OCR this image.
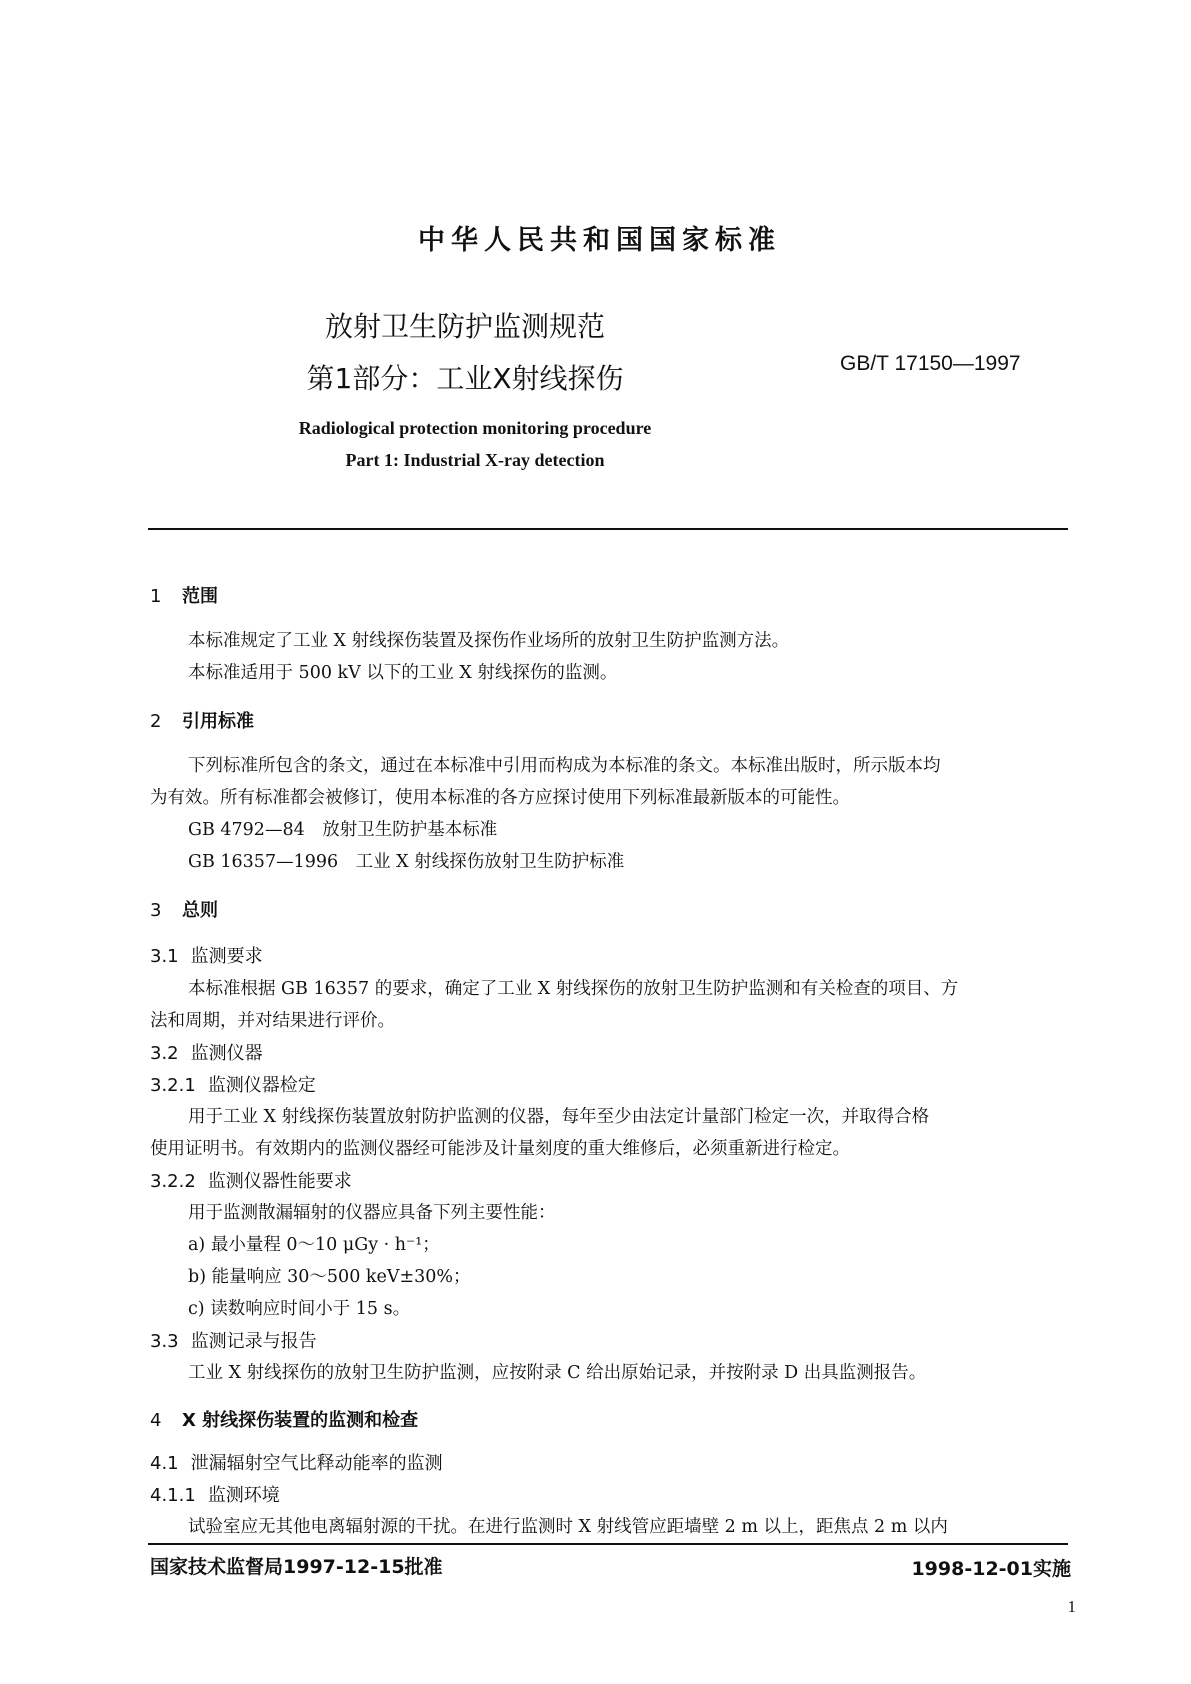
中华人民共和国国家标准
放射卫生防护监测规范
第1部分：工业X射线探伤	GB/T 17150—1997
Radiological protection monitoring procedure
Part 1: Industrial X-ray detection
1 范围
本标准规定了工业 X 射线探伤装置及探伤作业场所的放射卫生防护监测方法。
本标准适用于 500 kV 以下的工业 X 射线探伤的监测。
2 引用标准
下列标准所包含的条文，通过在本标准中引用而构成为本标准的条文。本标准出版时，所示版本均
为有效。所有标准都会被修订，使用本标准的各方应探讨使用下列标准最新版本的可能性。
GB 4792—84　放射卫生防护基本标准
GB 16357—1996　工业 X 射线探伤放射卫生防护标准
3 总则
3.1 监测要求
本标准根据 GB 16357 的要求，确定了工业 X 射线探伤的放射卫生防护监测和有关检查的项目、方
法和周期，并对结果进行评价。
3.2 监测仪器
3.2.1 监测仪器检定
用于工业 X 射线探伤装置放射防护监测的仪器，每年至少由法定计量部门检定一次，并取得合格
使用证明书。有效期内的监测仪器经可能涉及计量刻度的重大维修后，必须重新进行检定。
3.2.2 监测仪器性能要求
用于监测散漏辐射的仪器应具备下列主要性能：
a) 最小量程 0～10 μGy · h⁻¹；
b) 能量响应 30～500 keV±30%；
c) 读数响应时间小于 15 s。
3.3 监测记录与报告
工业 X 射线探伤的放射卫生防护监测，应按附录 C 给出原始记录，并按附录 D 出具监测报告。
4 X 射线探伤装置的监测和检查
4.1 泄漏辐射空气比释动能率的监测
4.1.1 监测环境
试验室应无其他电离辐射源的干扰。在进行监测时 X 射线管应距墙壁 2 m 以上，距焦点 2 m 以内
国家技术监督局1997-12-15批准	1998-12-01实施
1
